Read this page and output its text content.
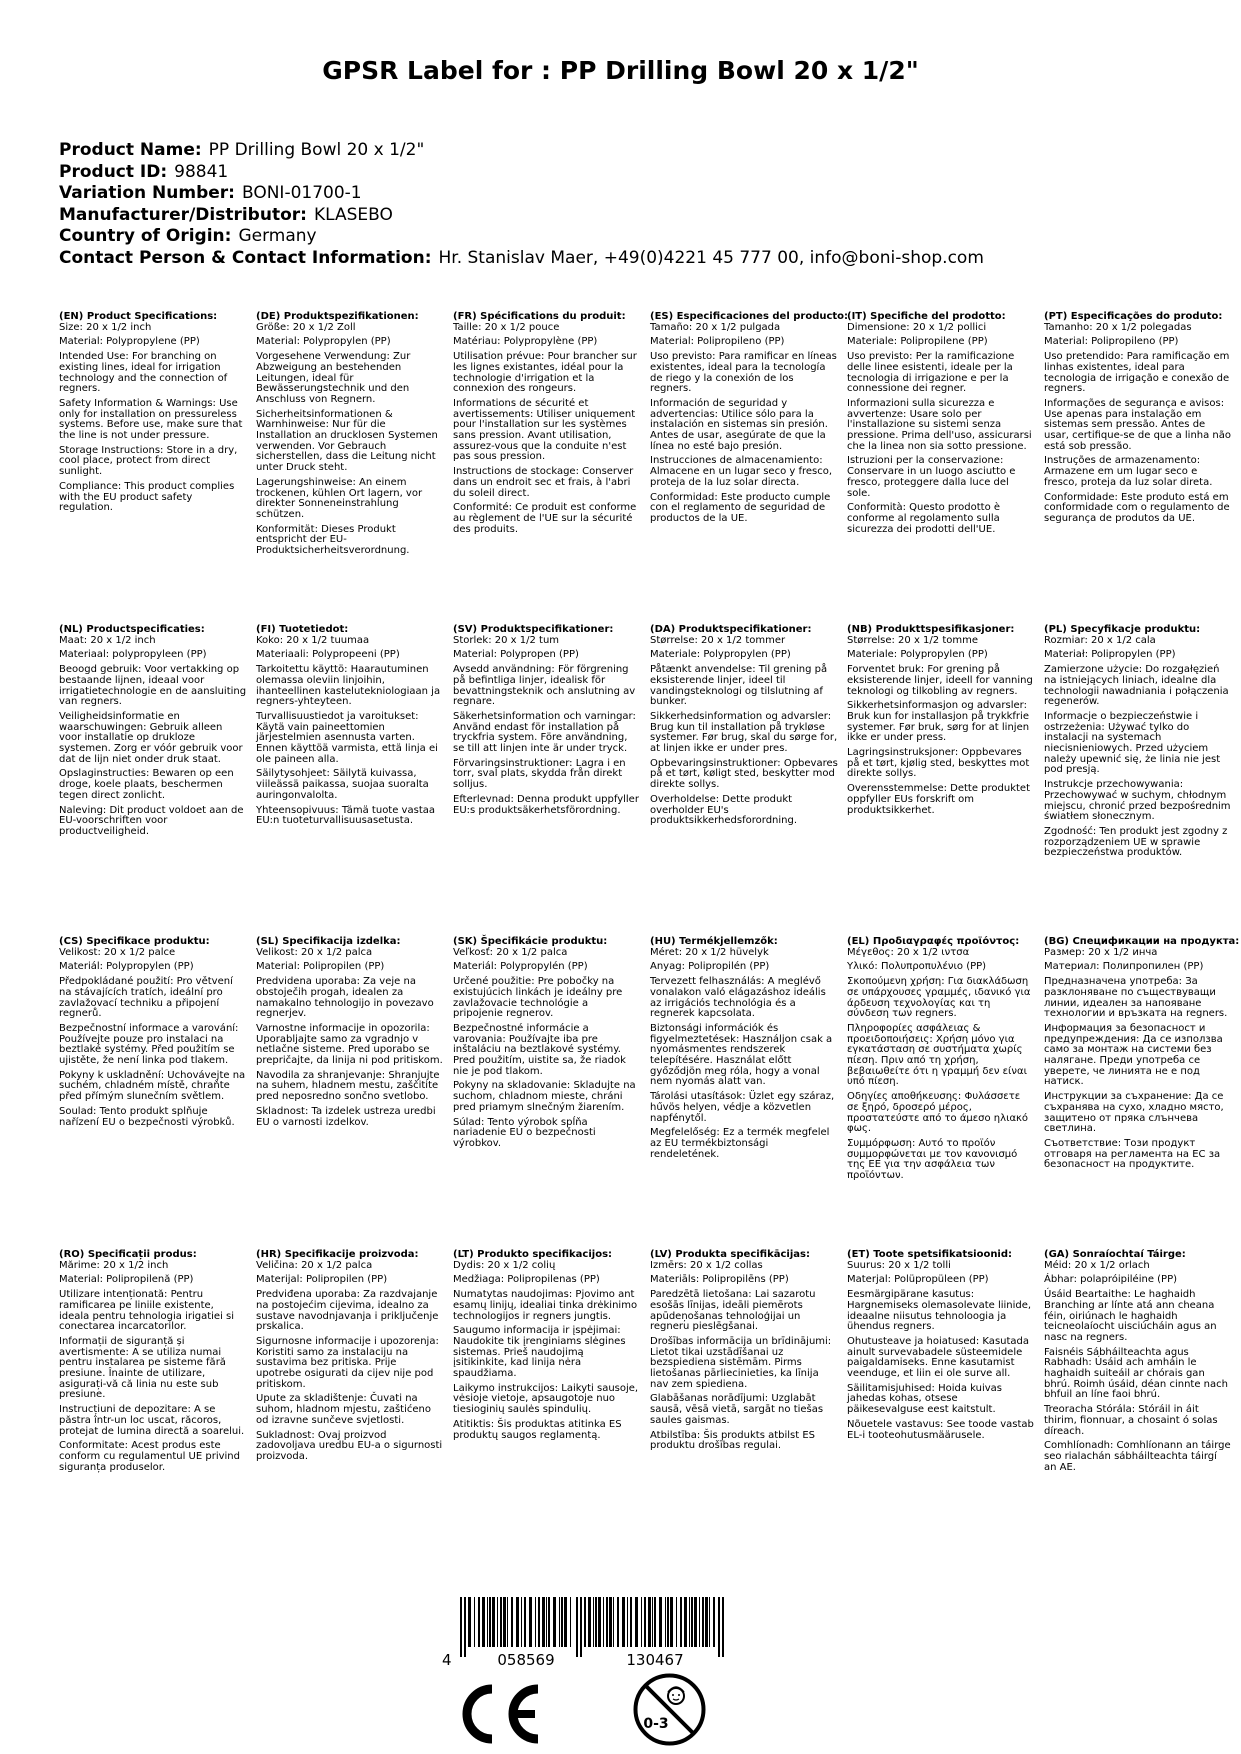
GPSR Label for : PP Drilling Bowl 20 x 1/2"
Product Name: PP Drilling Bowl 20 x 1/2"
Product ID: 98841
Variation Number: BONI-01700-1
Manufacturer/Distributor: KLASEBO
Country of Origin: Germany
Contact Person & Contact Information: Hr. Stanislav Maer, +49(0)4221 45 777 00, info@boni-shop.com
(EN) Product Specifications:

Size: 20 x 1/2 inch

Material: Polypropylene (PP)

Intended Use: For branching on existing lines, ideal for irrigation technology and the connection of regners.

Safety Information & Warnings: Use only for installation on pressureless systems. Before use, make sure that the line is not under pressure.

Storage Instructions: Store in a dry, cool place, protect from direct sunlight.

Compliance: This product complies with the EU product safety regulation.

(DE) Produktspezifikationen:

Größe: 20 x 1/2 Zoll

Material: Polypropylen (PP)

Vorgesehene Verwendung: Zur Abzweigung an bestehenden Leitungen, ideal für Bewässerungstechnik und den Anschluss von Regnern.

Sicherheitsinformationen & Warnhinweise: Nur für die Installation an drucklosen Systemen verwenden. Vor Gebrauch sicherstellen, dass die Leitung nicht unter Druck steht.

Lagerungshinweise: An einem trockenen, kühlen Ort lagern, vor direkter Sonneneinstrahlung schützen.

Konformität: Dieses Produkt entspricht der EU-Produktsicherheitsverordnung.

(FR) Spécifications du produit:

Taille: 20 x 1/2 pouce

Matériau: Polypropylène (PP)

Utilisation prévue: Pour brancher sur les lignes existantes, idéal pour la technologie d'irrigation et la connexion des rongeurs.

Informations de sécurité et avertissements: Utiliser uniquement pour l'installation sur les systèmes sans pression. Avant utilisation, assurez-vous que la conduite n'est pas sous pression.

Instructions de stockage: Conserver dans un endroit sec et frais, à l'abri du soleil direct.

Conformité: Ce produit est conforme au règlement de l'UE sur la sécurité des produits.

(ES) Especificaciones del producto:

Tamaño: 20 x 1/2 pulgada

Material: Polipropileno (PP)

Uso previsto: Para ramificar en líneas existentes, ideal para la tecnología de riego y la conexión de los regners.

Información de seguridad y advertencias: Utilice sólo para la instalación en sistemas sin presión. Antes de usar, asegúrate de que la línea no esté bajo presión.

Instrucciones de almacenamiento: Almacene en un lugar seco y fresco, proteja de la luz solar directa.

Conformidad: Este producto cumple con el reglamento de seguridad de productos de la UE.

(IT) Specifiche del prodotto:

Dimensione: 20 x 1/2 pollici

Materiale: Polipropilene (PP)

Uso previsto: Per la ramificazione delle linee esistenti, ideale per la tecnologia di irrigazione e per la connessione dei regner.

Informazioni sulla sicurezza e avvertenze: Usare solo per l'installazione su sistemi senza pressione. Prima dell'uso, assicurarsi che la linea non sia sotto pressione.

Istruzioni per la conservazione: Conservare in un luogo asciutto e fresco, proteggere dalla luce del sole.

Conformità: Questo prodotto è conforme al regolamento sulla sicurezza dei prodotti dell'UE.

(PT) Especificações do produto:

Tamanho: 20 x 1/2 polegadas

Material: Polipropileno (PP)

Uso pretendido: Para ramificação em linhas existentes, ideal para tecnologia de irrigação e conexão de regners.

Informações de segurança e avisos: Use apenas para instalação em sistemas sem pressão. Antes de usar, certifique-se de que a linha não está sob pressão.

Instruções de armazenamento: Armazene em um lugar seco e fresco, proteja da luz solar direta.

Conformidade: Este produto está em conformidade com o regulamento de segurança de produtos da UE.

(NL) Productspecificaties:

Maat: 20 x 1/2 inch

Materiaal: polypropyleen (PP)

Beoogd gebruik: Voor vertakking op bestaande lijnen, ideaal voor irrigatietechnologie en de aansluiting van regners.

Veiligheidsinformatie en waarschuwingen: Gebruik alleen voor installatie op drukloze systemen. Zorg er vóór gebruik voor dat de lijn niet onder druk staat.

Opslaginstructies: Bewaren op een droge, koele plaats, beschermen tegen direct zonlicht.

Naleving: Dit product voldoet aan de EU-voorschriften voor productveiligheid.

(FI) Tuotetiedot:

Koko: 20 x 1/2 tuumaa

Materiaali: Polypropeeni (PP)

Tarkoitettu käyttö: Haarautuminen olemassa oleviin linjoihin, ihanteellinen kastelutekniologiaan ja regners-yhteyteen.

Turvallisuustiedot ja varoitukset: Käytä vain paineettomien järjestelmien asennusta varten. Ennen käyttöä varmista, että linja ei ole paineen alla.

Säilytysohjeet: Säilytä kuivassa, viileässä paikassa, suojaa suoralta auringonvalolta.

Yhteensopivuus: Tämä tuote vastaa EU:n tuoteturvallisuusasetusta.

(SV) Produktspecifikationer:

Storlek: 20 x 1/2 tum

Material: Polypropen (PP)

Avsedd användning: För förgrening på befintliga linjer, idealisk för bevattningsteknik och anslutning av regnare.

Säkerhetsinformation och varningar: Använd endast för installation på tryckfria system. Före användning, se till att linjen inte är under tryck.

Förvaringsinstruktioner: Lagra i en torr, sval plats, skydda från direkt solljus.

Efterlevnad: Denna produkt uppfyller EU:s produktsäkerhetsförordning.

(DA) Produktspecifikationer:

Størrelse: 20 x 1/2 tommer

Materiale: Polypropylen (PP)

Påtænkt anvendelse: Til grening på eksisterende linjer, ideel til vandingsteknologi og tilslutning af bunker.

Sikkerhedsinformation og advarsler: Brug kun til installation på trykløse systemer. Før brug, skal du sørge for, at linjen ikke er under pres.

Opbevaringsinstruktioner: Opbevares på et tørt, køligt sted, beskytter mod direkte sollys.

Overholdelse: Dette produkt overholder EU's produktsikkerhedsforordning.

(NB) Produkttspesifikasjoner:

Størrelse: 20 x 1/2 tomme

Materiale: Polypropylen (PP)

Forventet bruk: For grening på eksisterende linjer, ideell for vanning teknologi og tilkobling av regners.

Sikkerhetsinformasjon og advarsler: Bruk kun for installasjon på trykkfrie systemer. Før bruk, sørg for at linjen ikke er under press.

Lagringsinstruksjoner: Oppbevares på et tørt, kjølig sted, beskyttes mot direkte sollys.

Overensstemmelse: Dette produktet oppfyller EUs forskrift om produktsikkerhet.

(PL) Specyfikacje produktu:

Rozmiar: 20 x 1/2 cala

Materiał: Polipropylen (PP)

Zamierzone użycie: Do rozgałęzień na istniejących liniach, idealne dla technologii nawadniania i połączenia regenerów.

Informacje o bezpieczeństwie i ostrzeżenia: Używać tylko do instalacji na systemach niecisnieniowych. Przed użyciem należy upewnić się, że linia nie jest pod presją.

Instrukcje przechowywania: Przechowywać w suchym, chłodnym miejscu, chronić przed bezpośrednim światłem słonecznym.

Zgodność: Ten produkt jest zgodny z rozporządzeniem UE w sprawie bezpieczeństwa produktów.

(CS) Specifikace produktu:

Velikost: 20 x 1/2 palce

Materiál: Polypropylen (PP)

Předpokládané použití: Pro větvení na stávajících tratích, ideální pro zavlažovací techniku a připojení regnerů.

Bezpečnostní informace a varování: Používejte pouze pro instalaci na beztlaké systémy. Před použitím se ujistěte, že není linka pod tlakem.

Pokyny k uskladnění: Uchovávejte na suchém, chladném místě, chraňte před přímým slunečním světlem.

Soulad: Tento produkt splňuje nařízení EU o bezpečnosti výrobků.

(SL) Specifikacija izdelka:

Velikost: 20 x 1/2 palca

Material: Polipropilen (PP)

Predvidena uporaba: Za veje na obstoječih progah, idealen za namakalno tehnologijo in povezavo regnerjev.

Varnostne informacije in opozorila: Uporabljajte samo za vgradnjo v netlačne sisteme. Pred uporabo se prepričajte, da linija ni pod pritiskom.

Navodila za shranjevanje: Shranjujte na suhem, hladnem mestu, zaščitite pred neposredno sončno svetlobo.

Skladnost: Ta izdelek ustreza uredbi EU o varnosti izdelkov.

(SK) Špecifikácie produktu:

Veľkosť: 20 x 1/2 palca

Materiál: Polypropylén (PP)

Určené použitie: Pre pobočky na existujúcich linkách je ideálny pre zavlažovacie technológie a pripojenie regnerov.

Bezpečnostné informácie a varovania: Používajte iba pre inštaláciu na beztlakové systémy. Pred použitím, uistite sa, že riadok nie je pod tlakom.

Pokyny na skladovanie: Skladujte na suchom, chladnom mieste, chráni pred priamym slnečným žiarením.

Súlad: Tento výrobok spĺňa nariadenie EÚ o bezpečnosti výrobkov.

(HU) Termékjellemzők:

Méret: 20 x 1/2 hüvelyk

Anyag: Polipropilén (PP)

Tervezett felhasználás: A meglévő vonalakon való elágazáshoz ideális az irrigációs technológia és a regnerek kapcsolata.

Biztonsági információk és figyelmeztetések: Használjon csak a nyomásmentes rendszerek telepítésére. Használat előtt győződjön meg róla, hogy a vonal nem nyomás alatt van.

Tárolási utasítások: Üzlet egy száraz, hűvös helyen, védje a közvetlen napfénytől.

Megfelelőség: Ez a termék megfelel az EU termékbiztonsági rendeletének.

(EL) Προδιαγραφές προϊόντος:

Μέγεθος: 20 x 1/2 ιντσα

Υλικό: Πολυπροπυλένιο (PP)

Σκοπούμενη χρήση: Για διακλάδωση σε υπάρχουσες γραμμές, ιδανικό για άρδευση τεχνολογίας και τη σύνδεση των regners.

Πληροφορίες ασφάλειας & προειδοποιήσεις: Χρήση μόνο για εγκατάσταση σε συστήματα χωρίς πίεση. Πριν από τη χρήση, βεβαιωθείτε ότι η γραμμή δεν είναι υπό πίεση.

Οδηγίες αποθήκευσης: Φυλάσσετε σε ξηρό, δροσερό μέρος, προστατεύστε από το άμεσο ηλιακό φως.

Συμμόρφωση: Αυτό το προϊόν συμμορφώνεται με τον κανονισμό της ΕΕ για την ασφάλεια των προϊόντων.

(BG) Спецификации на продукта:

Размер: 20 x 1/2 инча

Материал: Полипропилен (PP)

Предназначена употреба: За разклоняване по съществуващи линии, идеален за напояване технологии и връзката на regners.

Информация за безопасност и предупреждения: Да се използва само за монтаж на системи без налягане. Преди употреба се уверете, че линията не е под натиск.

Инструкции за съхранение: Да се съхранява на сухо, хладно място, защитено от пряка слънчева светлина.

Съответствие: Този продукт отговаря на регламента на ЕС за безопасност на продуктите.

(RO) Specificații produs:

Mărime: 20 x 1/2 inch

Material: Polipropilenă (PP)

Utilizare intenționată: Pentru ramificarea pe liniile existente, ideala pentru tehnologia irigatiei si conectarea incarcatorilor.

Informații de siguranță și avertismente: A se utiliza numai pentru instalarea pe sisteme fără presiune. Înainte de utilizare, asigurați-vă că linia nu este sub presiune.

Instrucțiuni de depozitare: A se păstra într-un loc uscat, răcoros, protejat de lumina directă a soarelui.

Conformitate: Acest produs este conform cu regulamentul UE privind siguranța produselor.

(HR) Specifikacije proizvoda:

Veličina: 20 x 1/2 palca

Materijal: Polipropilen (PP)

Predviđena uporaba: Za razdvajanje na postojećim cijevima, idealno za sustave navodnjavanja i priključenje prskalica.

Sigurnosne informacije i upozorenja: Koristiti samo za instalaciju na sustavima bez pritiska. Prije upotrebe osigurati da cijev nije pod pritiskom.

Upute za skladištenje: Čuvati na suhom, hladnom mjestu, zaštićeno od izravne sunčeve svjetlosti.

Sukladnost: Ovaj proizvod zadovoljava uredbu EU-a o sigurnosti proizvoda.

(LT) Produkto specifikacijos:

Dydis: 20 x 1/2 colių

Medžiaga: Polipropilenas (PP)

Numatytas naudojimas: Pjovimo ant esamų linijų, idealiai tinka drėkinimo technologijos ir regners jungtis.

Saugumo informacija ir įspėjimai: Naudokite tik įrenginiams slėgines sistemas. Prieš naudojimą įsitikinkite, kad linija nėra spaudžiama.

Laikymo instrukcijos: Laikyti sausoje, vėsioje vietoje, apsaugotoje nuo tiesioginių saulės spindulių.

Atitiktis: Šis produktas atitinka ES produktų saugos reglamentą.

(LV) Produkta specifikācijas:

Izmērs: 20 x 1/2 collas

Materiāls: Polipropilēns (PP)

Paredzētā lietošana: Lai sazarotu esošās līnijas, ideāli piemērots apūdeņošanas tehnoloģijai un regneru pieslēgšanai.

Drošības informācija un brīdinājumi: Lietot tikai uzstādīšanai uz bezspiediena sistēmām. Pirms lietošanas pārliecinieties, ka līnija nav zem spiediena.

Glabāšanas norādījumi: Uzglabāt sausā, vēsā vietā, sargāt no tiešas saules gaismas.

Atbilstība: Šis produkts atbilst ES produktu drošības regulai.

(ET) Toote spetsifikatsioonid:

Suurus: 20 x 1/2 tolli

Materjal: Polüpropüleen (PP)

Eesmärgipärane kasutus: Hargnemiseks olemasolevate liinide, ideaalne niisutus tehnoloogia ja ühendus regners.

Ohutusteave ja hoiatused: Kasutada ainult survevabadele süsteemidele paigaldamiseks. Enne kasutamist veenduge, et liin ei ole surve all.

Säilitamisjuhised: Hoida kuivas jahedas kohas, otsese päikesevalguse eest kaitstult.

Nõuetele vastavus: See toode vastab EL-i tooteohutusmäärusele.

(GA) Sonraíochtaí Táirge:

Méid: 20 x 1/2 orlach

Ábhar: polapróipiléine (PP)

Úsáid Beartaithe: Le haghaidh Branching ar línte atá ann cheana féin, oiriúnach le haghaidh teicneolaíocht uisciúcháin agus an nasc na regners.

Faisnéis Sábháilteachta agus Rabhadh: Úsáid ach amháin le haghaidh suiteáil ar chórais gan bhrú. Roimh úsáid, déan cinnte nach bhfuil an líne faoi bhrú.

Treoracha Stórála: Stóráil in áit thirim, fionnuar, a chosaint ó solas díreach.

Comhlíonadh: Comhlíonann an táirge seo rialachán sábháilteachta táirgí an AE.

4	058569	130467
0-3
